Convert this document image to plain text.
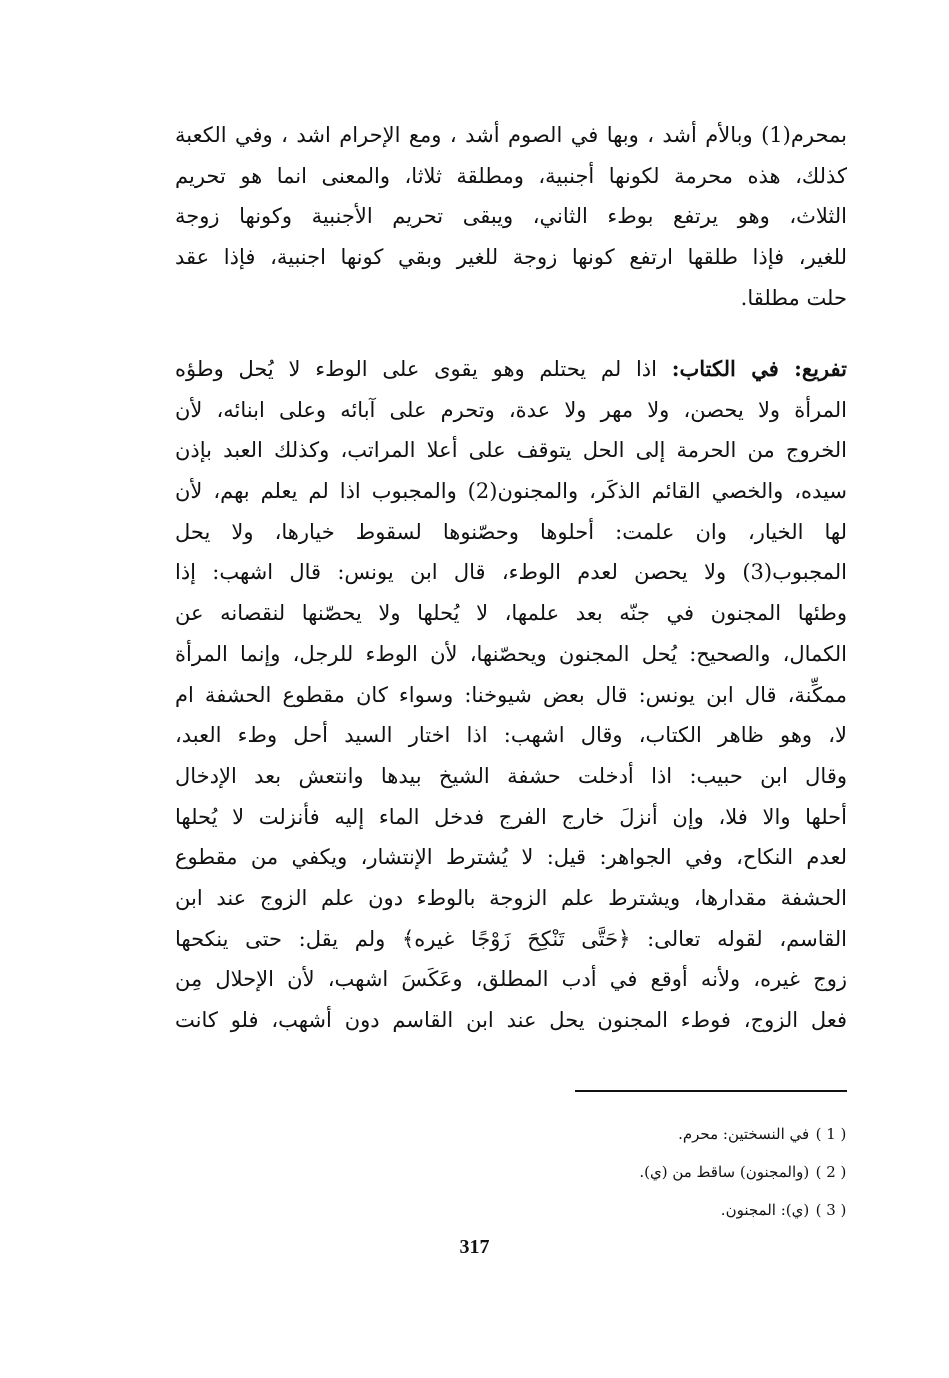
بمحرم(1) وبالأم أشد ، وبها في الصوم أشد ، ومع الإحرام اشد ، وفي الكعبة
كذلك، هذه محرمة لكونها أجنبية، ومطلقة ثلاثا، والمعنى انما هو تحريم
الثلاث، وهو يرتفع بوطء الثاني، ويبقى تحريم الأجنبية وكونها زوجة
للغير، فإذا طلقها ارتفع كونها زوجة للغير وبقي كونها اجنبية، فإذا عقد
حلت مطلقا.
تفريع: في الكتاب: اذا لم يحتلم وهو يقوى على الوطء لا يُحل وطؤه
المرأة ولا يحصن، ولا مهر ولا عدة، وتحرم على آبائه وعلى ابنائه، لأن
الخروج من الحرمة إلى الحل يتوقف على أعلا المراتب، وكذلك العبد بإذن
سيده، والخصي القائم الذكَر، والمجنون(2) والمجبوب اذا لم يعلم بهم، لأن
لها الخيار، وان علمت: أحلوها وحصّنوها لسقوط خيارها، ولا يحل
المجبوب(3) ولا يحصن لعدم الوطء، قال ابن يونس: قال اشهب: إذا
وطئها المجنون في جنّه بعد علمها، لا يُحلها ولا يحصّنها لنقصانه عن
الكمال، والصحيح: يُحل المجنون ويحصّنها، لأن الوطء للرجل، وإنما المرأة
ممكِّنة، قال ابن يونس: قال بعض شيوخنا: وسواء كان مقطوع الحشفة ام
لا، وهو ظاهر الكتاب، وقال اشهب: اذا اختار السيد أحل وطء العبد،
وقال ابن حبيب: اذا أدخلت حشفة الشيخ بيدها وانتعش بعد الإدخال
أحلها والا فلا، وإن أنزلَ خارج الفرج فدخل الماء إليه فأنزلت لا يُحلها
لعدم النكاح، وفي الجواهر: قيل: لا يُشترط الإنتشار، ويكفي من مقطوع
الحشفة مقدارها، ويشترط علم الزوجة بالوطء دون علم الزوج عند ابن
القاسم، لقوله تعالى: ﴿حَتَّى تَنْكِحَ زَوْجًا غيره﴾ ولم يقل: حتى ينكحها
زوج غيره، ولأنه أوقع في أدب المطلق، وعَكَسَ اشهب، لأن الإحلال مِن
فعل الزوج، فوطء المجنون يحل عند ابن القاسم دون أشهب، فلو كانت
( 1 ) في النسختين: محرم.
( 2 ) (والمجنون) ساقط من (ي).
( 3 ) (ي): المجنون.
317
